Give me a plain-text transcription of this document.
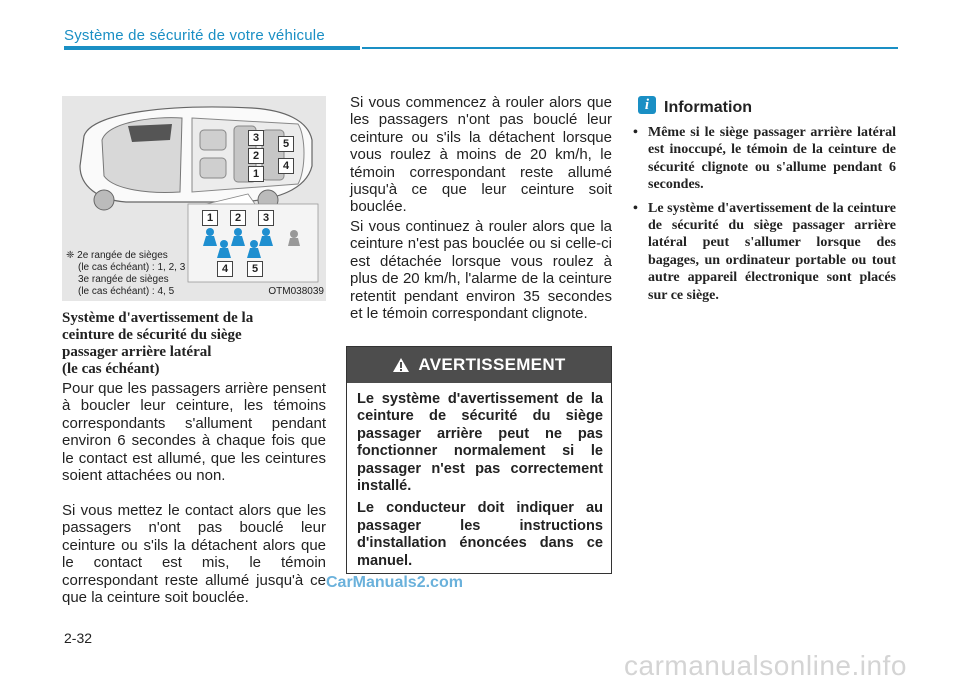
Système de sécurité de votre véhicule
3
2
1
5
4
1	2	3
4	5
❈ 2e rangée de sièges
(le cas échéant) : 1, 2, 3
3e rangée de sièges
(le cas échéant) : 4, 5	OTM038039
Système d'avertissement de la
ceinture de sécurité du siège
passager arrière latéral
(le cas échéant)

Pour que les passagers arrière pensent à boucler leur ceinture, les témoins correspondants s'allument pendant environ 6 secondes à chaque fois que le contact est allumé, que les ceintures soient attachées ou non.

Si vous mettez le contact alors que les passagers n'ont pas bouclé leur ceinture ou s'ils la détachent alors que le contact est mis, le témoin correspondant reste allumé jusqu'à ce que la ceinture soit bouclée.

Si vous commencez à rouler alors que les passagers n'ont pas bouclé leur ceinture ou s'ils la détachent lorsque vous roulez à moins de 20 km/h, le témoin correspondant reste allumé jusqu'à ce que leur ceinture soit bouclée.

Si vous continuez à rouler alors que la ceinture n'est pas bouclée ou si celle-ci est détachée lorsque vous roulez à plus de 20 km/h, l'alarme de la ceinture retentit pendant environ 35 secondes et le témoin correspondant clignote.

AVERTISSEMENT

Le système d'avertissement de la ceinture de sécurité du siège passager arrière peut ne pas fonctionner normalement si le passager n'est pas correctement installé.

Le conducteur doit indiquer au passager les instructions d'installation énoncées dans ce manuel.

CarManuals2.com
i Information
• Même si le siège passager arrière latéral est inoccupé, le témoin de la ceinture de sécurité clignote ou s'allume pendant 6 secondes.
• Le système d'avertissement de la ceinture de sécurité du siège passager arrière latéral peut s'allumer lorsque des bagages, un ordinateur portable ou tout autre appareil électronique sont placés sur ce siège.
2-32
carmanualsonline.info
